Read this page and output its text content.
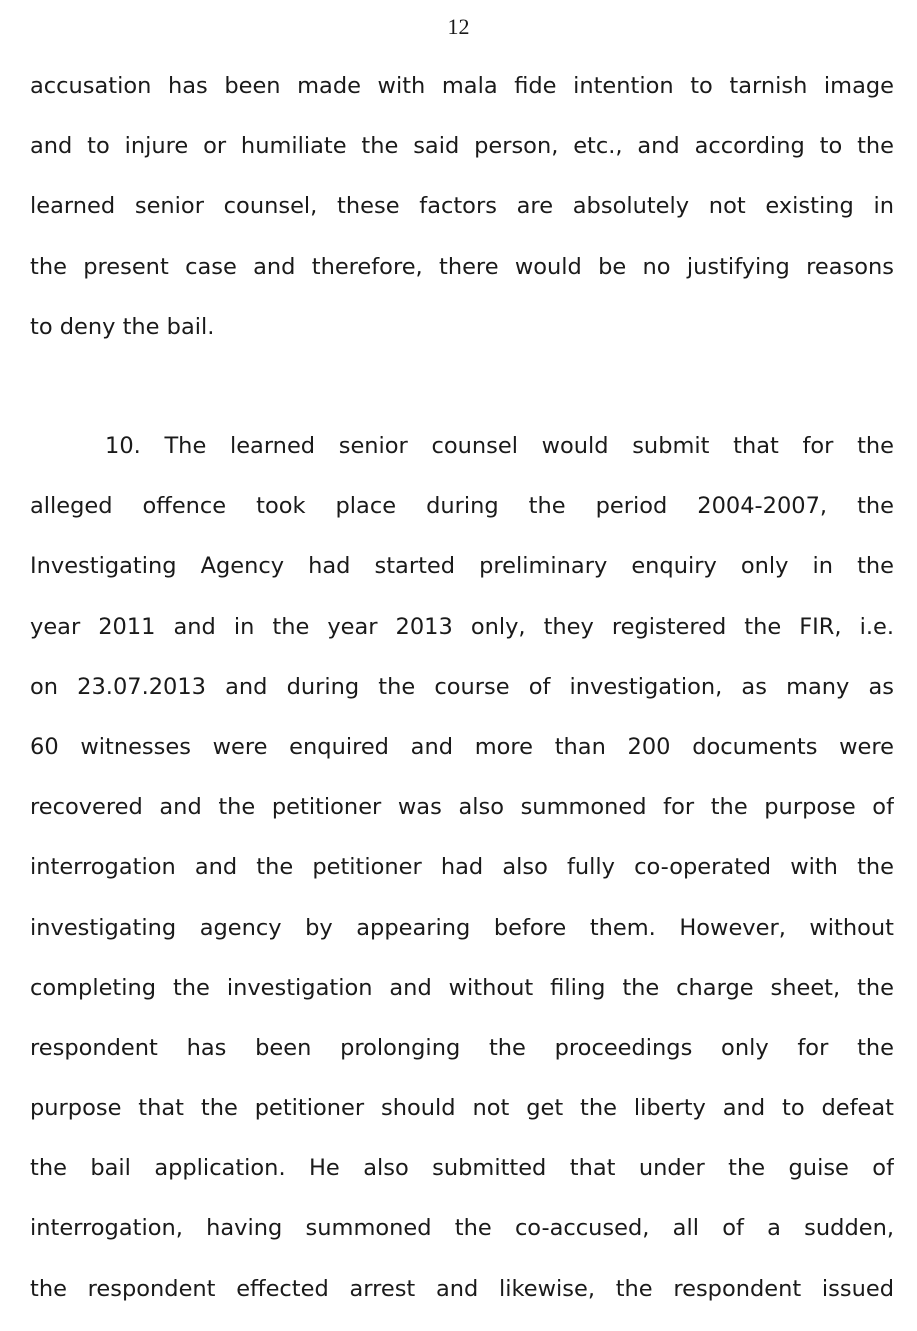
12
accusation has been made with mala fide intention to tarnish image
and to injure or humiliate the said person, etc., and according to the
learned senior counsel, these factors are absolutely not existing in
the present case and therefore, there would be no justifying reasons
to deny the bail.
10. The learned senior counsel would submit that for the
alleged offence took place during the period 2004-2007, the
Investigating Agency had started preliminary enquiry only in the
year 2011 and in the year 2013 only, they registered the FIR, i.e.
on 23.07.2013 and during the course of investigation, as many as
60 witnesses were enquired and more than 200 documents were
recovered and the petitioner was also summoned for the purpose of
interrogation and the petitioner had also fully co-operated with the
investigating agency by appearing before them. However, without
completing the investigation and without filing the charge sheet, the
respondent has been prolonging the proceedings only for the
purpose that the petitioner should not get the liberty and to defeat
the bail application. He also submitted that under the guise of
interrogation, having summoned the co-accused, all of a sudden,
the respondent effected arrest and likewise, the respondent issued
